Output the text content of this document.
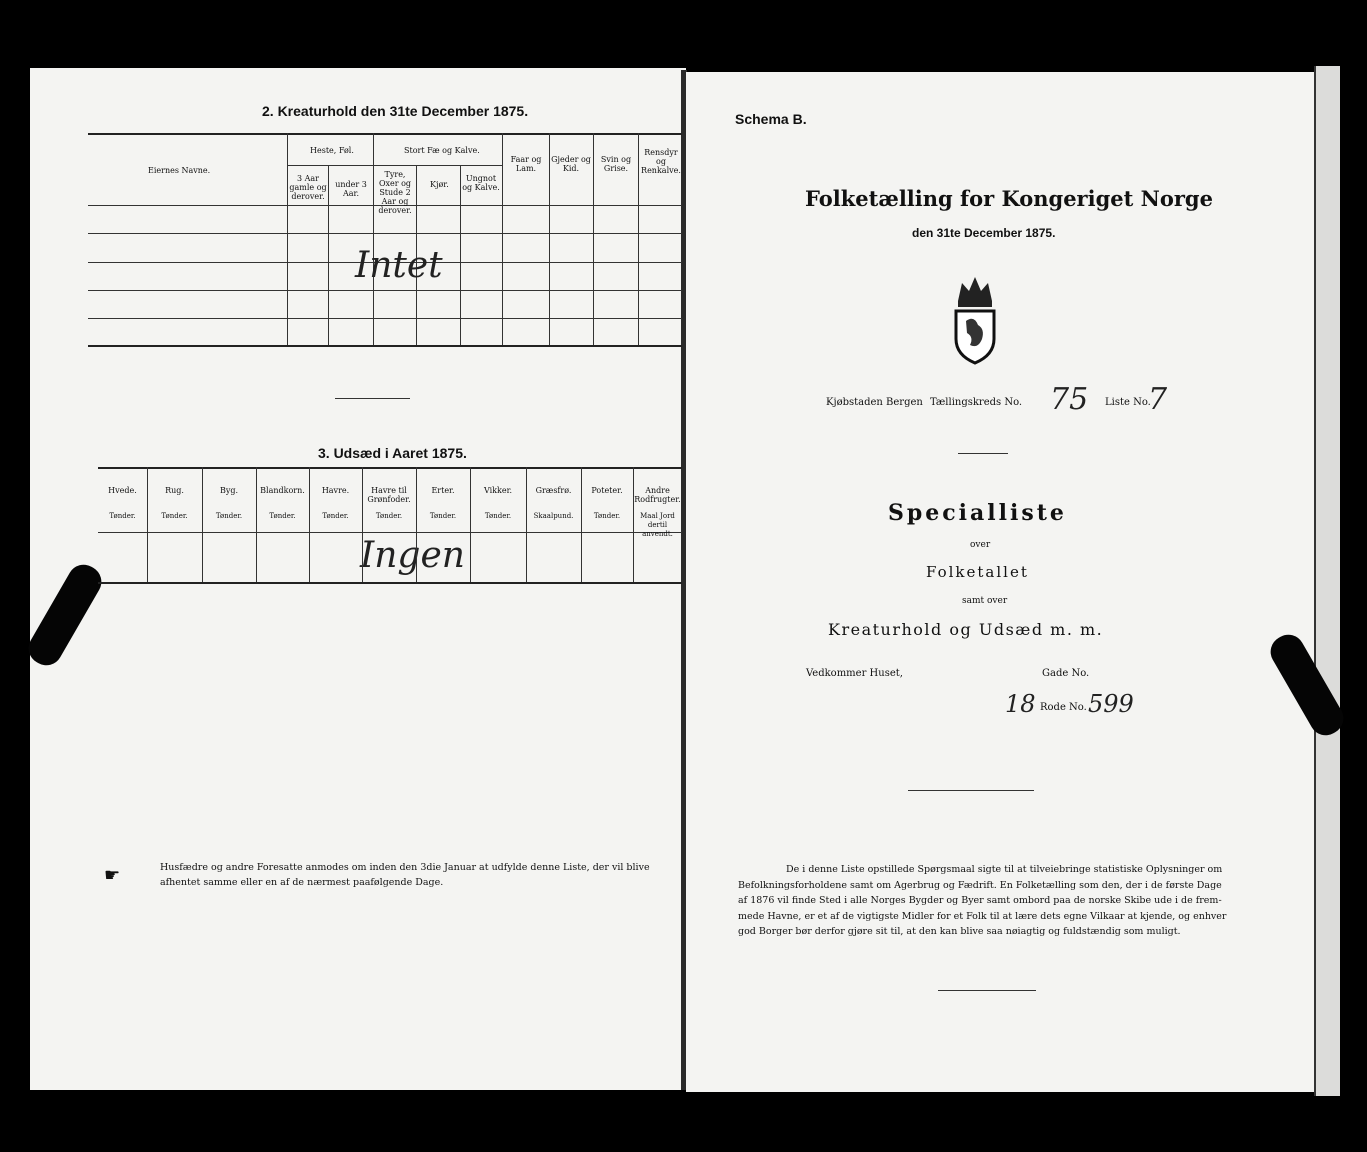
2. Kreaturhold den 31te December 1875.
Eiernes Navne.
Heste, Føl.
3 Aar gamle og derover.
under 3 Aar.
Stort Fæ og Kalve.
Tyre, Oxer og Stude 2 Aar og derover.
Kjør.
Ungnot og Kalve.
Faar og Lam.
Gjeder og Kid.
Svin og Grise.
Rensdyr og Renkalve.
Intet
3. Udsæd i Aaret 1875.
Ingen
☛	Husfædre og andre Foresatte anmodes om inden den 3die Januar at udfylde denne Liste, der vil blive
afhentet samme eller en af de nærmest paafølgende Dage.
Schema B.
Folketælling for Kongeriget Norge
den 31te December 1875.
Kjøbstaden Bergen Tællingskreds No. 75 Liste No.
7
Specialliste
over
Folketallet
samt over
Kreaturhold og Udsæd m. m.
Vedkommer Huset,	Gade No.
18 Rode No. 599
De i denne Liste opstillede Spørgsmaal sigte til at tilveiebringe statistiske Oplysninger om
Befolkningsforholdene samt om Agerbrug og Fædrift. En Folketælling som den, der i de første Dage
af 1876 vil finde Sted i alle Norges Bygder og Byer samt ombord paa de norske Skibe ude i de frem-
mede Havne, er et af de vigtigste Midler for et Folk til at lære dets egne Vilkaar at kjende, og enhver
god Borger bør derfor gjøre sit til, at den kan blive saa nøiagtig og fuldstændig som muligt.
Hvede.
Tønder.
Rug.
Tønder.
Byg.
Tønder.
Blandkorn.
Tønder.
Havre.
Tønder.
Havre til Grønfoder.
Tønder.
Erter.
Tønder.
Vikker.
Tønder.
Græsfrø.
Skaalpund.
Poteter.
Tønder.
Andre Rodfrugter.
Maal Jord dertil anvendt.
